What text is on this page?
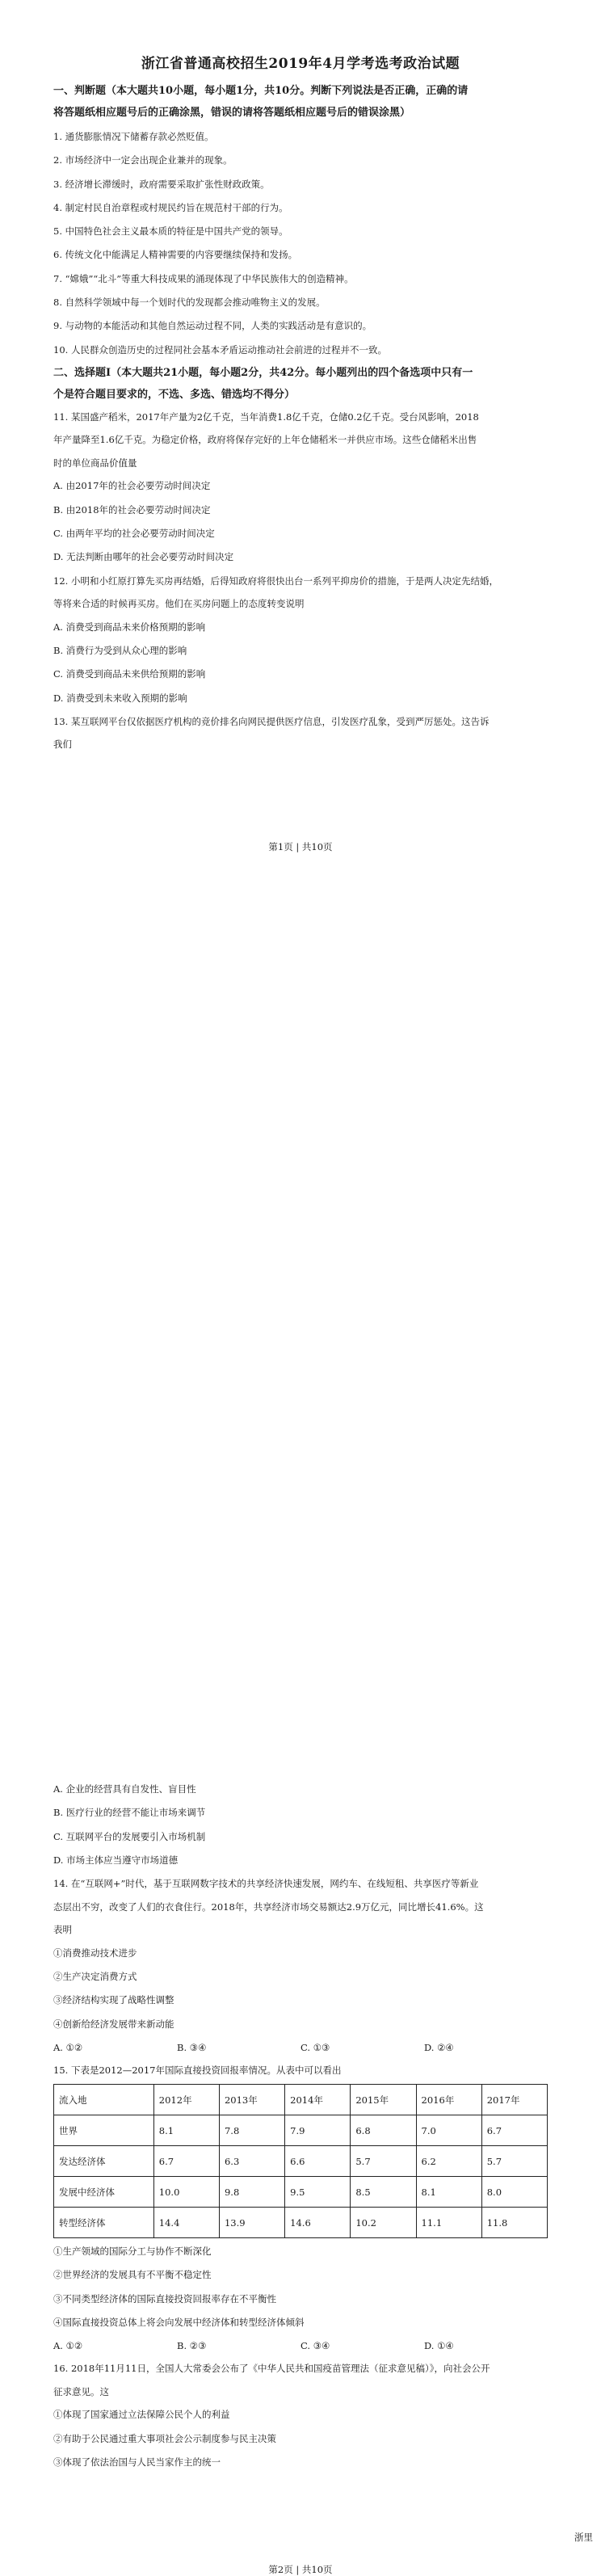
浙江省普通高校招生2019年4月学考选考政治试题

一、判断题（本大题共10小题，每小题1分，共10分。判断下列说法是否正确，正确的请

将答题纸相应题号后的正确涂黑，错误的请将答题纸相应题号后的错误涂黑）

1. 通货膨胀情况下储蓄存款必然贬值。

2. 市场经济中一定会出现企业兼并的现象。

3. 经济增长滞缓时，政府需要采取扩张性财政政策。

4. 制定村民自治章程或村规民约旨在规范村干部的行为。

5. 中国特色社会主义最本质的特征是中国共产党的领导。

6. 传统文化中能满足人精神需要的内容要继续保持和发扬。

7. “嫦娥”“北斗”等重大科技成果的涌现体现了中华民族伟大的创造精神。

8. 自然科学领域中每一个划时代的发现都会推动唯物主义的发展。

9. 与动物的本能活动和其他自然运动过程不同，人类的实践活动是有意识的。

10. 人民群众创造历史的过程同社会基本矛盾运动推动社会前进的过程并不一致。

二、选择题Ⅰ（本大题共21小题，每小题2分，共42分。每小题列出的四个备选项中只有一

个是符合题目要求的，不选、多选、错选均不得分）

11. 某国盛产稻米，2017年产量为2亿千克，当年消费1.8亿千克，仓储0.2亿千克。受台风影响，2018

年产量降至1.6亿千克。为稳定价格，政府将保存完好的上年仓储稻米一并供应市场。这些仓储稻米出售

时的单位商品价值量

A. 由2017年的社会必要劳动时间决定

B. 由2018年的社会必要劳动时间决定

C. 由两年平均的社会必要劳动时间决定

D. 无法判断由哪年的社会必要劳动时间决定

12. 小明和小红原打算先买房再结婚，后得知政府将很快出台一系列平抑房价的措施，于是两人决定先结婚，

等将来合适的时候再买房。他们在买房问题上的态度转变说明

A. 消费受到商品未来价格预期的影响

B. 消费行为受到从众心理的影响

C. 消费受到商品未来供给预期的影响

D. 消费受到未来收入预期的影响

13. 某互联网平台仅依据医疗机构的竞价排名向网民提供医疗信息，引发医疗乱象，受到严厉惩处。这告诉

我们

第1页 | 共10页

A. 企业的经营具有自发性、盲目性

B. 医疗行业的经营不能让市场来调节

C. 互联网平台的发展要引入市场机制

D. 市场主体应当遵守市场道德

14. 在“互联网+”时代，基于互联网数字技术的共享经济快速发展，网约车、在线短租、共享医疗等新业

态层出不穷，改变了人们的衣食住行。2018年，共享经济市场交易额达2.9万亿元，同比增长41.6%。这

表明

①消费推动技术进步

②生产决定消费方式

③经济结构实现了战略性调整

④创新给经济发展带来新动能

A. ①②	B. ③④	C. ①③	D. ②④

15. 下表是2012—2017年国际直接投资回报率情况。从表中可以看出

流入地	2012年	2013年	2014年	2015年	2016年	2017年
世界	8.1	7.8	7.9	6.8	7.0	6.7
发达经济体	6.7	6.3	6.6	5.7	6.2	5.7
发展中经济体	10.0	9.8	9.5	8.5	8.1	8.0
转型经济体	14.4	13.9	14.6	10.2	11.1	11.8

①生产领域的国际分工与协作不断深化

②世界经济的发展具有不平衡不稳定性

③不同类型经济体的国际直接投资回报率存在不平衡性

④国际直接投资总体上将会向发展中经济体和转型经济体倾斜

A. ①②	B. ②③	C. ③④	D. ①④

16. 2018年11月11日，全国人大常委会公布了《中华人民共和国疫苗管理法（征求意见稿）》，向社会公开

征求意见。这

①体现了国家通过立法保障公民个人的利益

②有助于公民通过重大事项社会公示制度参与民主决策

③体现了依法治国与人民当家作主的统一

浙里
第2页 | 共10页
